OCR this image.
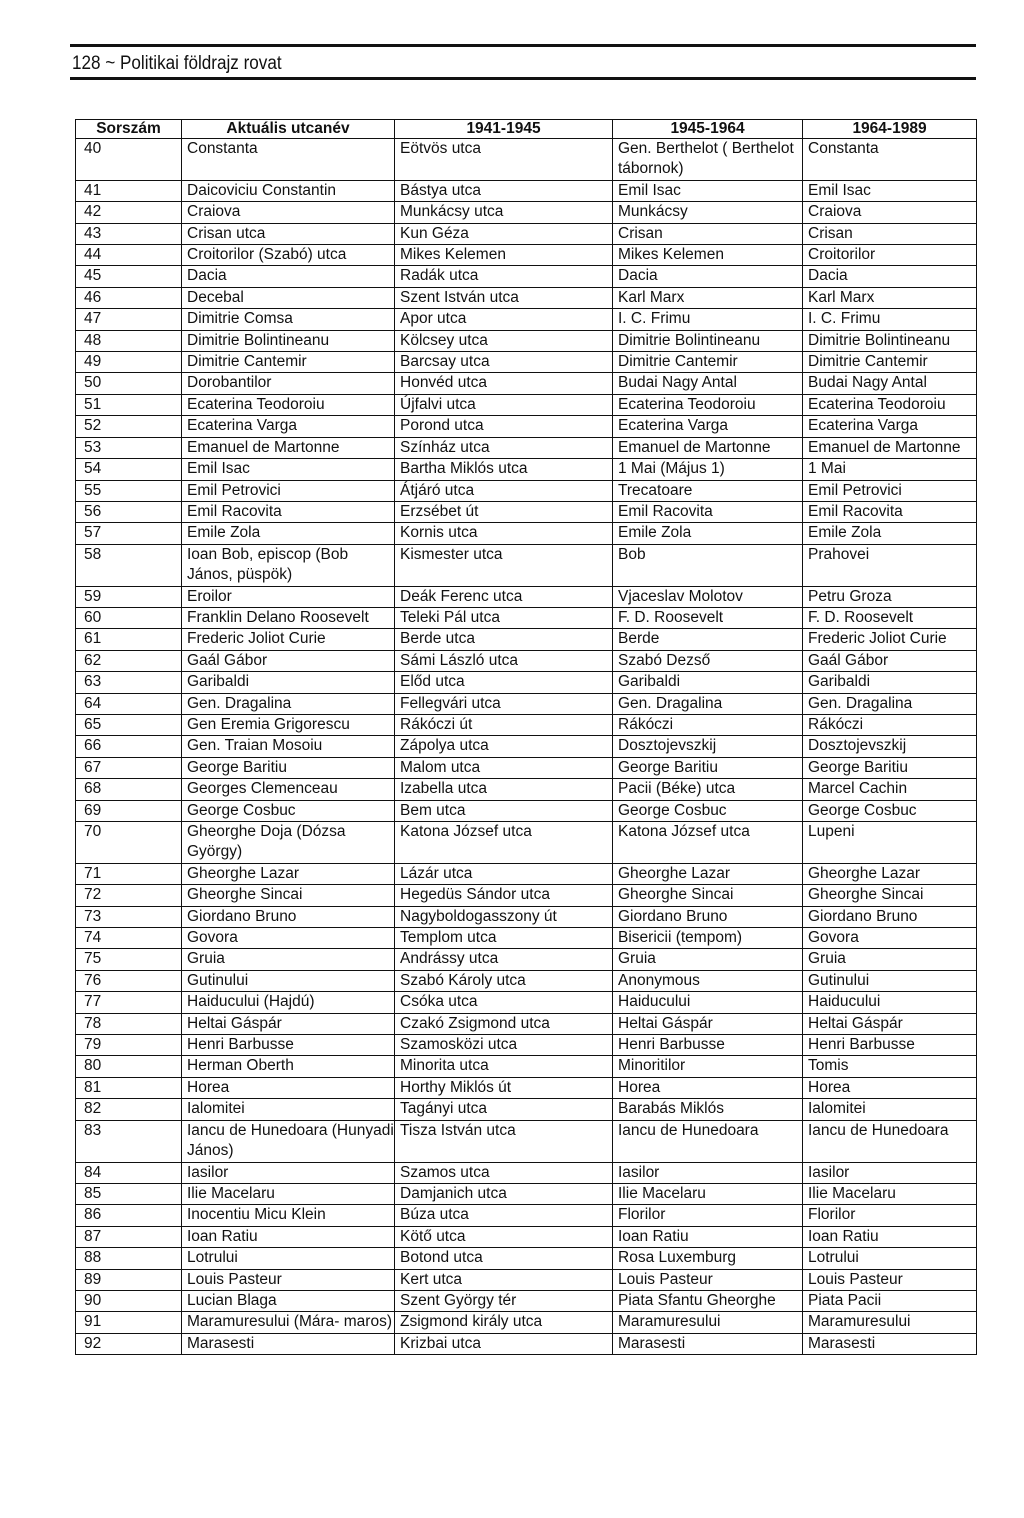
128 ~ Politikai földrajz rovat
Sorszám	Aktuális utcanév	1941-1945	1945-1964	1964-1989
40	Constanta	Eötvös utca	Gen. Berthelot ( Berthelot tábornok)	Constanta
41	Daicoviciu Constantin	Bástya utca	Emil Isac	Emil Isac
42	Craiova	Munkácsy utca	Munkácsy	Craiova
43	Crisan utca	Kun Géza	Crisan	Crisan
44	Croitorilor (Szabó) utca	Mikes Kelemen	Mikes Kelemen	Croitorilor
45	Dacia	Radák utca	Dacia	Dacia
46	Decebal	Szent István utca	Karl Marx	Karl Marx
47	Dimitrie Comsa	Apor utca	I. C. Frimu	I. C. Frimu
48	Dimitrie Bolintineanu	Kölcsey utca	Dimitrie Bolintineanu	Dimitrie Bolintineanu
49	Dimitrie Cantemir	Barcsay utca	Dimitrie Cantemir	Dimitrie Cantemir
50	Dorobantilor	Honvéd utca	Budai Nagy Antal	Budai Nagy Antal
51	Ecaterina Teodoroiu	Újfalvi utca	Ecaterina Teodoroiu	Ecaterina Teodoroiu
52	Ecaterina Varga	Porond utca	Ecaterina Varga	Ecaterina Varga
53	Emanuel de Martonne	Színház utca	Emanuel de Martonne	Emanuel de Martonne
54	Emil Isac	Bartha Miklós utca	1 Mai (Május 1)	1 Mai
55	Emil Petrovici	Átjáró utca	Trecatoare	Emil Petrovici
56	Emil Racovita	Erzsébet út	Emil Racovita	Emil Racovita
57	Emile Zola	Kornis utca	Emile Zola	Emile Zola
58	Ioan Bob, episcop (Bob János, püspök)	Kismester utca	Bob	Prahovei
59	Eroilor	Deák Ferenc utca	Vjaceslav Molotov	Petru Groza
60	Franklin Delano Roosevelt	Teleki Pál utca	F. D. Roosevelt	F. D. Roosevelt
61	Frederic Joliot Curie	Berde utca	Berde	Frederic Joliot Curie
62	Gaál Gábor	Sámi László utca	Szabó Dezső	Gaál Gábor
63	Garibaldi	Előd utca	Garibaldi	Garibaldi
64	Gen. Dragalina	Fellegvári utca	Gen. Dragalina	Gen. Dragalina
65	Gen Eremia Grigorescu	Rákóczi út	Rákóczi	Rákóczi
66	Gen. Traian Mosoiu	Zápolya utca	Dosztojevszkij	Dosztojevszkij
67	George Baritiu	Malom utca	George Baritiu	George Baritiu
68	Georges Clemenceau	Izabella utca	Pacii (Béke) utca	Marcel Cachin
69	George Cosbuc	Bem utca	George Cosbuc	George Cosbuc
70	Gheorghe Doja (Dózsa György)	Katona József utca	Katona József utca	Lupeni
71	Gheorghe Lazar	Lázár utca	Gheorghe Lazar	Gheorghe Lazar
72	Gheorghe Sincai	Hegedüs Sándor utca	Gheorghe Sincai	Gheorghe Sincai
73	Giordano Bruno	Nagyboldogasszony út	Giordano Bruno	Giordano Bruno
74	Govora	Templom utca	Bisericii (tempom)	Govora
75	Gruia	Andrássy utca	Gruia	Gruia
76	Gutinului	Szabó Károly utca	Anonymous	Gutinului
77	Haiducului (Hajdú)	Csóka utca	Haiducului	Haiducului
78	Heltai Gáspár	Czakó Zsigmond utca	Heltai Gáspár	Heltai Gáspár
79	Henri Barbusse	Szamosközi utca	Henri Barbusse	Henri Barbusse
80	Herman Oberth	Minorita utca	Minoritilor	Tomis
81	Horea	Horthy Miklós út	Horea	Horea
82	Ialomitei	Tagányi utca	Barabás Miklós	Ialomitei
83	Iancu de Hunedoara (Hunyadi János)	Tisza István utca	Iancu de Hunedoara	Iancu de Hunedoara
84	Iasilor	Szamos utca	Iasilor	Iasilor
85	Ilie Macelaru	Damjanich utca	Ilie Macelaru	Ilie Macelaru
86	Inocentiu Micu Klein	Búza utca	Florilor	Florilor
87	Ioan Ratiu	Kötő utca	Ioan Ratiu	Ioan Ratiu
88	Lotrului	Botond utca	Rosa Luxemburg	Lotrului
89	Louis Pasteur	Kert utca	Louis Pasteur	Louis Pasteur
90	Lucian Blaga	Szent György tér	Piata Sfantu Gheorghe	Piata Pacii
91	Maramuresului (Mára- maros)	Zsigmond király utca	Maramuresului	Maramuresului
92	Marasesti	Krizbai utca	Marasesti	Marasesti
